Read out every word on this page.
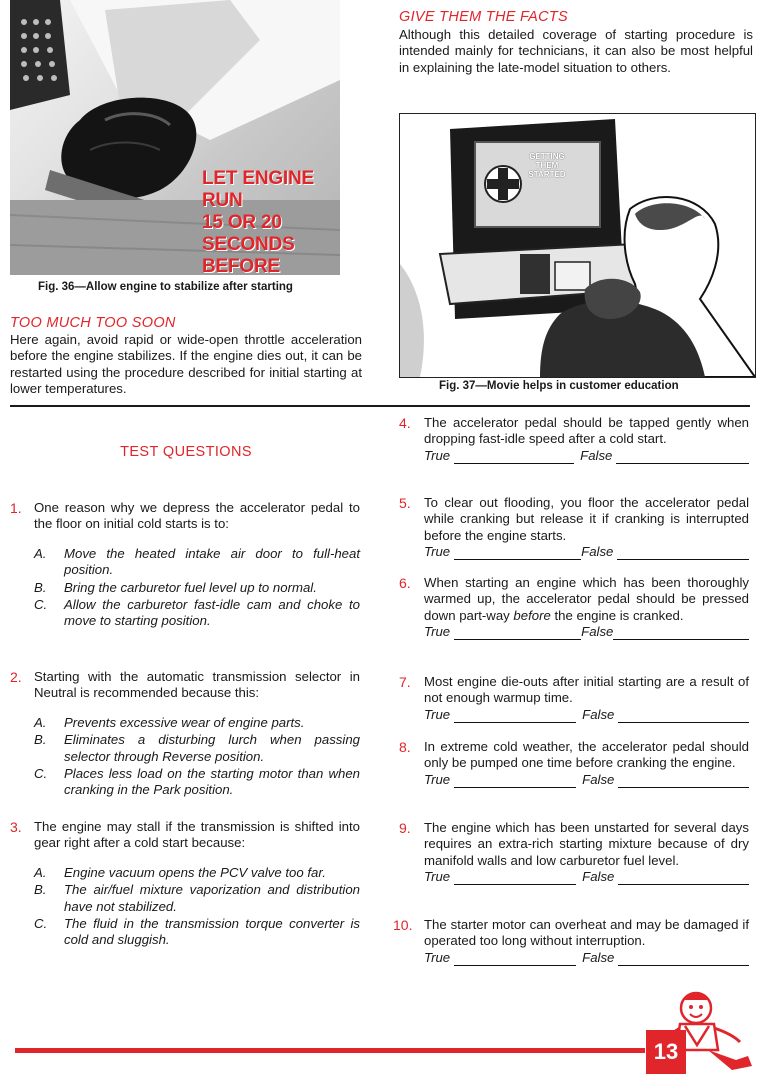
LET ENGINE RUN
15 OR 20 SECONDS
BEFORE
Fig. 36—Allow engine to stabilize after starting
TOO MUCH TOO SOON
Here again, avoid rapid or wide-open throttle acceleration before the engine stabilizes. If the engine dies out, it can be restarted using the procedure described for initial starting at lower temperatures.
GIVE THEM THE FACTS
Although this detailed coverage of starting procedure is intended mainly for technicians, it can also be most helpful in explaining the late-model situation to others.
GETTING
THEM
STARTED
Fig. 37—Movie helps in customer education
TEST QUESTIONS
1. One reason why we depress the accelerator pedal to the floor on initial cold starts is to:
A.	Move the heated intake air door to full-heat position.
B.	Bring the carburetor fuel level up to normal.
C.	Allow the carburetor fast-idle cam and choke to move to starting position.
2. Starting with the automatic transmission selector in Neutral is recommended because this:
A.	Prevents excessive wear of engine parts.
B.	Eliminates a disturbing lurch when passing selector through Reverse position.
C.	Places less load on the starting motor than when cranking in the Park position.
3. The engine may stall if the transmission is shifted into gear right after a cold start because:
A.	Engine vacuum opens the PCV valve too far.
B.	The air/fuel mixture vaporization and distribution have not stabilized.
C.	The fluid in the transmission torque converter is cold and sluggish.
4.	The accelerator pedal should be tapped gently when dropping fast-idle speed after a cold start.
True	False
5.	To clear out flooding, you floor the accelerator pedal while cranking but release it if cranking is interrupted before the engine starts.
True	False
6.	When starting an engine which has been thoroughly warmed up, the accelerator pedal should be pressed down part-way before the engine is cranked.
True	False
7.	Most engine die-outs after initial starting are a result of not enough warmup time.
True	False
8.	In extreme cold weather, the accelerator pedal should only be pumped one time before cranking the engine.
True	False
9.	The engine which has been unstarted for several days requires an extra-rich starting mixture because of dry manifold walls and low carburetor fuel level.
True	False
10. The starter motor can overheat and may be damaged if operated too long without interruption.
True	False
13
